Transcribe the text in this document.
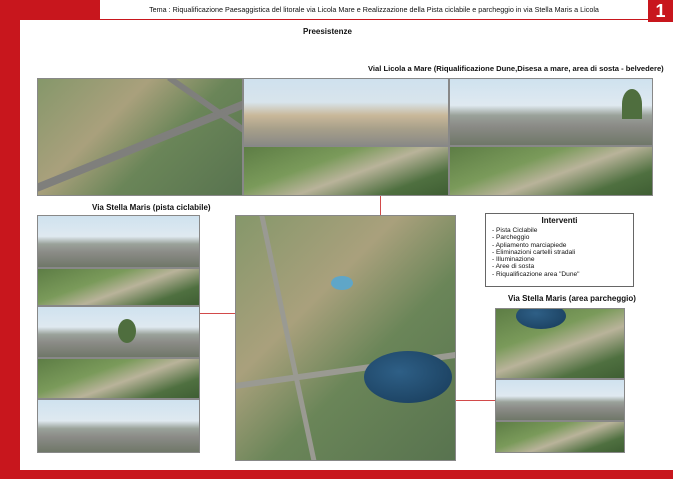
Tema : Riqualificazione Paesaggistica del litorale via Licola Mare e Realizzazione della Pista ciclabile e parcheggio in via Stella Maris a Licola	1
Preesistenze
Vial Licola a Mare (Riqualificazione Dune,Disesa a mare, area di sosta - belvedere)
Via Stella Maris (pista ciclabile)
Interventi
- Pista Ciclabile
- Parcheggio
- Apliamento marciapiede
- Eliminazioni cartelli stradali
- Illuminazione
- Aree di sosta
- Riqualificazione area "Dune"
Via Stella Maris (area parcheggio)
